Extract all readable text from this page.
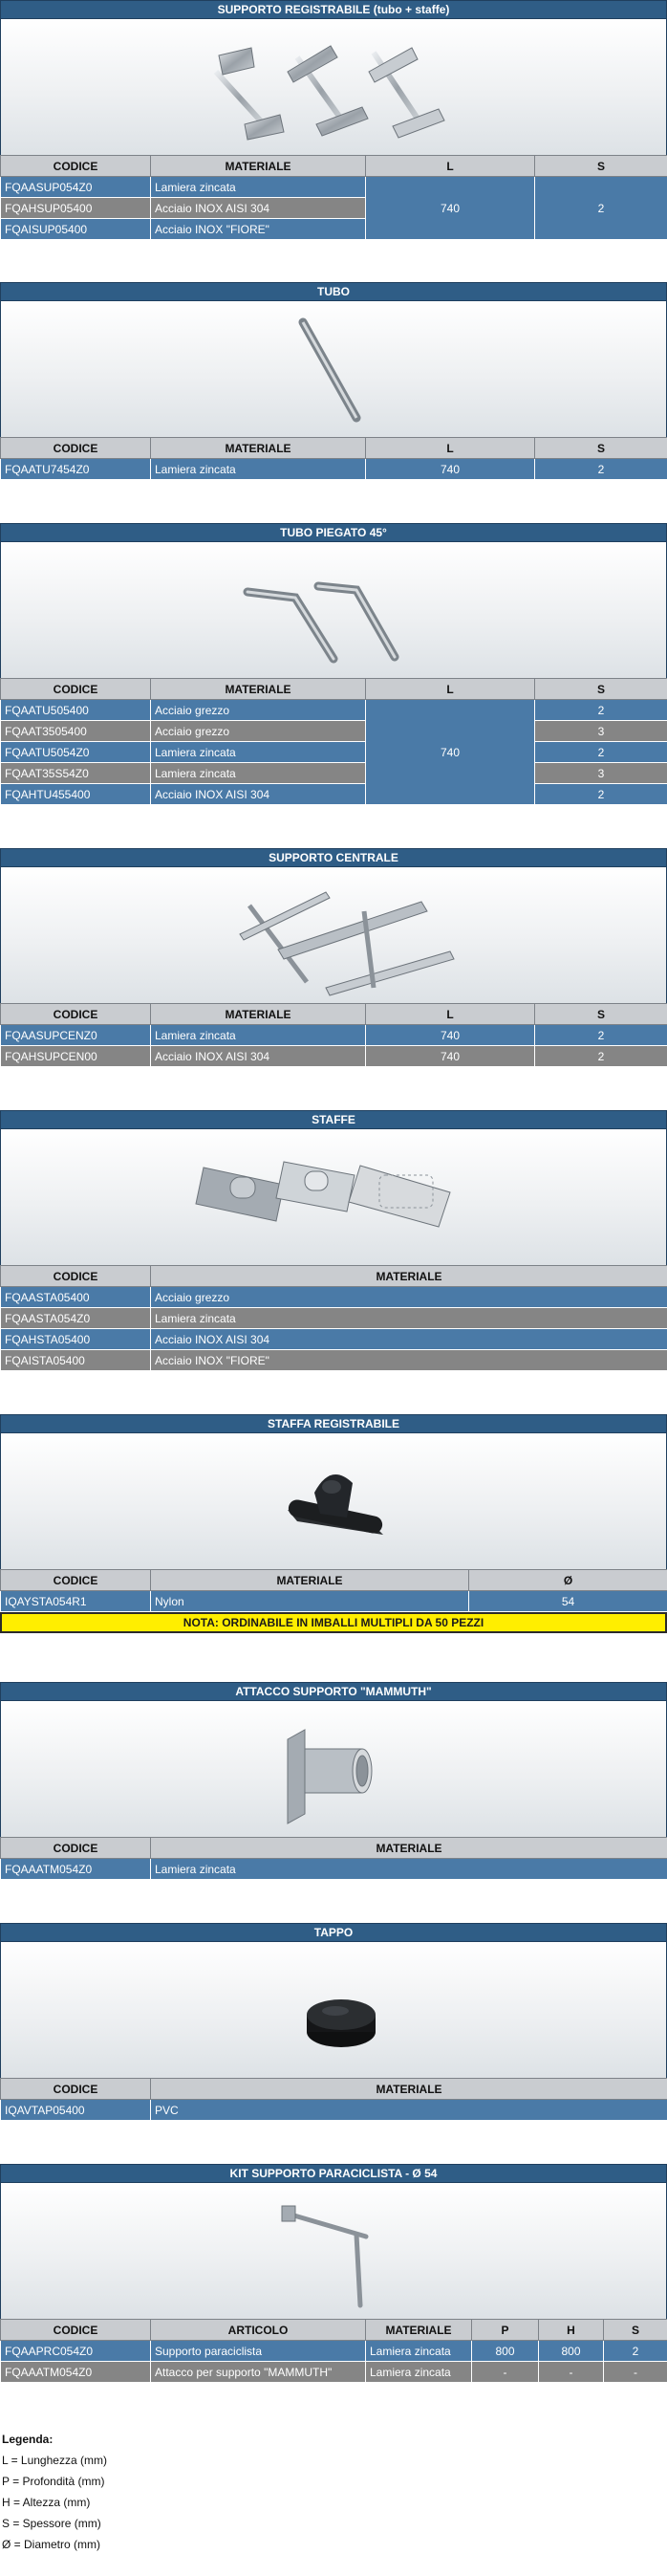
SUPPORTO REGISTRABILE (tubo + staffe)
CODICE	MATERIALE	L	S
FQAASUP054Z0	Lamiera zincata	740	2
FQAHSUP05400	Acciaio INOX AISI 304		
FQAISUP05400	Acciaio INOX "FIORE"		
TUBO
CODICE	MATERIALE	L	S
FQAATU7454Z0	Lamiera zincata	740	2
TUBO PIEGATO 45°
CODICE	MATERIALE	L	S
FQAATU505400	Acciaio grezzo	740	2
FQAAT3505400	Acciaio grezzo		3
FQAATU5054Z0	Lamiera zincata		2
FQAAT35S54Z0	Lamiera zincata		3
FQAHTU455400	Acciaio INOX AISI 304		2
SUPPORTO CENTRALE
CODICE	MATERIALE	L	S
FQAASUPCENZ0	Lamiera zincata	740	2
FQAHSUPCEN00	Acciaio INOX AISI 304	740	2
STAFFE
CODICE	MATERIALE
FQAASTA05400	Acciaio grezzo
FQAASTA054Z0	Lamiera zincata
FQAHSTA05400	Acciaio INOX AISI 304
FQAISTA05400	Acciaio INOX "FIORE"
STAFFA REGISTRABILE
CODICE	MATERIALE	Ø
IQAYSTA054R1	Nylon	54
NOTA: ORDINABILE IN IMBALLI MULTIPLI DA 50 PEZZI
ATTACCO SUPPORTO "MAMMUTH"
CODICE	MATERIALE
FQAAATM054Z0	Lamiera zincata
TAPPO
CODICE	MATERIALE
IQAVTAP05400	PVC
KIT SUPPORTO PARACICLISTA - Ø 54
CODICE	ARTICOLO	MATERIALE	P	H	S
FQAAPRC054Z0	Supporto paraciclista	Lamiera zincata	800	800	2
FQAAATM054Z0	Attacco per supporto "MAMMUTH"	Lamiera zincata	-	-	-
Legenda:
L = Lunghezza (mm)
P = Profondità (mm)
H = Altezza (mm)
S = Spessore (mm)
Ø = Diametro (mm)
